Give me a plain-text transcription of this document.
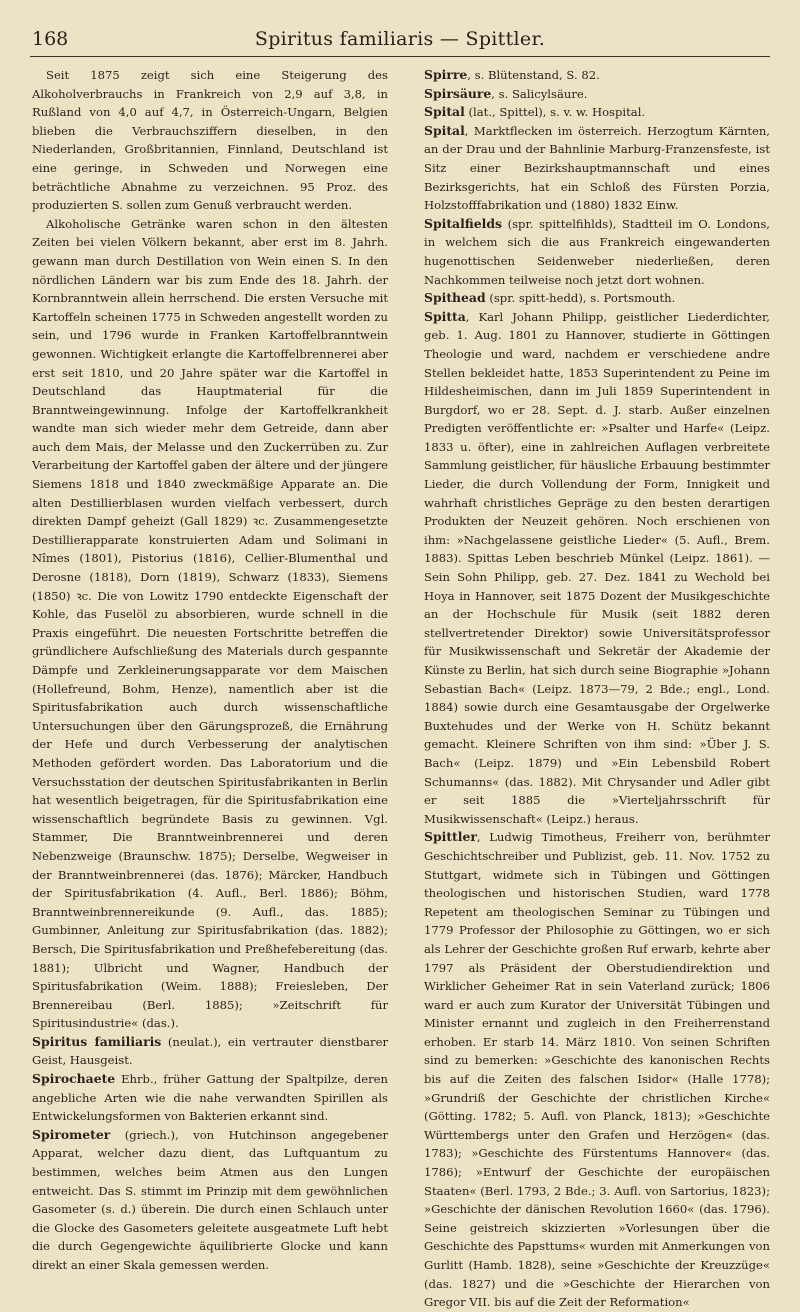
168	Spiritus familiaris — Spittler.

Seit 1875 zeigt sich eine Steigerung des Alkoholverbrauchs in Frankreich von 2,9 auf 3,8, in Rußland von 4,0 auf 4,7, in Österreich-Ungarn, Belgien blieben die Verbrauchsziffern dieselben, in den Niederlanden, Großbritannien, Finnland, Deutschland ist eine geringe, in Schweden und Norwegen eine beträchtliche Abnahme zu verzeichnen. 95 Proz. des produzierten S. sollen zum Genuß verbraucht werden.

Alkoholische Getränke waren schon in den ältesten Zeiten bei vielen Völkern bekannt, aber erst im 8. Jahrh. gewann man durch Destillation von Wein einen S. In den nördlichen Ländern war bis zum Ende des 18. Jahrh. der Kornbranntwein allein herrschend. Die ersten Versuche mit Kartoffeln scheinen 1775 in Schweden angestellt worden zu sein, und 1796 wurde in Franken Kartoffelbranntwein gewonnen. Wichtigkeit erlangte die Kartoffelbrennerei aber erst seit 1810, und 20 Jahre später war die Kartoffel in Deutschland das Hauptmaterial für die Branntweingewinnung. Infolge der Kartoffelkrankheit wandte man sich wieder mehr dem Getreide, dann aber auch dem Mais, der Melasse und den Zuckerrüben zu. Zur Verarbeitung der Kartoffel gaben der ältere und der jüngere Siemens 1818 und 1840 zweckmäßige Apparate an. Die alten Destillierblasen wurden vielfach verbessert, durch direkten Dampf geheizt (Gall 1829) ꝛc. Zusammengesetzte Destillierapparate konstruierten Adam und Solimani in Nîmes (1801), Pistorius (1816), Cellier-Blumenthal und Derosne (1818), Dorn (1819), Schwarz (1833), Siemens (1850) ꝛc. Die von Lowitz 1790 entdeckte Eigenschaft der Kohle, das Fuselöl zu absorbieren, wurde schnell in die Praxis eingeführt. Die neuesten Fortschritte betreffen die gründlichere Aufschließung des Materials durch gespannte Dämpfe und Zerkleinerungsapparate vor dem Maischen (Hollefreund, Bohm, Henze), namentlich aber ist die Spiritusfabrikation auch durch wissenschaftliche Untersuchungen über den Gärungsprozeß, die Ernährung der Hefe und durch Verbesserung der analytischen Methoden gefördert worden. Das Laboratorium und die Versuchsstation der deutschen Spiritusfabrikanten in Berlin hat wesentlich beigetragen, für die Spiritusfabrikation eine wissenschaftlich begründete Basis zu gewinnen. Vgl. Stammer, Die Branntweinbrennerei und deren Nebenzweige (Braunschw. 1875); Derselbe, Wegweiser in der Branntweinbrennerei (das. 1876); Märcker, Handbuch der Spiritusfabrikation (4. Aufl., Berl. 1886); Böhm, Branntweinbrennereikunde (9. Aufl., das. 1885); Gumbinner, Anleitung zur Spiritusfabrikation (das. 1882); Bersch, Die Spiritusfabrikation und Preßhefebereitung (das. 1881); Ulbricht und Wagner, Handbuch der Spiritusfabrikation (Weim. 1888); Freiesleben, Der Brennereibau (Berl. 1885); »Zeitschrift für Spiritusindustrie« (das.).

Spiritus familiaris (neulat.), ein vertrauter dienstbarer Geist, Hausgeist.

Spirochaete Ehrb., früher Gattung der Spaltpilze, deren angebliche Arten wie die nahe verwandten Spirillen als Entwickelungsformen von Bakterien erkannt sind.

Spirometer (griech.), von Hutchinson angegebener Apparat, welcher dazu dient, das Luftquantum zu bestimmen, welches beim Atmen aus den Lungen entweicht. Das S. stimmt im Prinzip mit dem gewöhnlichen Gasometer (s. d.) überein. Die durch einen Schlauch unter die Glocke des Gasometers geleitete ausgeatmete Luft hebt die durch Gegengewichte äquilibrierte Glocke und kann direkt an einer Skala gemessen werden.

Spirre, s. Blütenstand, S. 82.

Spirsäure, s. Salicylsäure.

Spital (lat., Spittel), s. v. w. Hospital.

Spital, Marktflecken im österreich. Herzogtum Kärnten, an der Drau und der Bahnlinie Marburg-Franzensfeste, ist Sitz einer Bezirkshauptmannschaft und eines Bezirksgerichts, hat ein Schloß des Fürsten Porzia, Holzstofffabrikation und (1880) 1832 Einw.

Spitalfields (spr. spittelfihlds), Stadtteil im O. Londons, in welchem sich die aus Frankreich eingewanderten hugenottischen Seidenweber niederließen, deren Nachkommen teilweise noch jetzt dort wohnen.

Spithead (spr. spitt-hedd), s. Portsmouth.

Spitta, Karl Johann Philipp, geistlicher Liederdichter, geb. 1. Aug. 1801 zu Hannover, studierte in Göttingen Theologie und ward, nachdem er verschiedene andre Stellen bekleidet hatte, 1853 Superintendent zu Peine im Hildesheimischen, dann im Juli 1859 Superintendent in Burgdorf, wo er 28. Sept. d. J. starb. Außer einzelnen Predigten veröffentlichte er: »Psalter und Harfe« (Leipz. 1833 u. öfter), eine in zahlreichen Auflagen verbreitete Sammlung geistlicher, für häusliche Erbauung bestimmter Lieder, die durch Vollendung der Form, Innigkeit und wahrhaft christliches Gepräge zu den besten derartigen Produkten der Neuzeit gehören. Noch erschienen von ihm: »Nachgelassene geistliche Lieder« (5. Aufl., Brem. 1883). Spittas Leben beschrieb Münkel (Leipz. 1861). — Sein Sohn Philipp, geb. 27. Dez. 1841 zu Wechold bei Hoya in Hannover, seit 1875 Dozent der Musikgeschichte an der Hochschule für Musik (seit 1882 deren stellvertretender Direktor) sowie Universitätsprofessor für Musikwissenschaft und Sekretär der Akademie der Künste zu Berlin, hat sich durch seine Biographie »Johann Sebastian Bach« (Leipz. 1873—79, 2 Bde.; engl., Lond. 1884) sowie durch eine Gesamtausgabe der Orgelwerke Buxtehudes und der Werke von H. Schütz bekannt gemacht. Kleinere Schriften von ihm sind: »Über J. S. Bach« (Leipz. 1879) und »Ein Lebensbild Robert Schumanns« (das. 1882). Mit Chrysander und Adler gibt er seit 1885 die »Vierteljahrsschrift für Musikwissenschaft« (Leipz.) heraus.

Spittler, Ludwig Timotheus, Freiherr von, berühmter Geschichtschreiber und Publizist, geb. 11. Nov. 1752 zu Stuttgart, widmete sich in Tübingen und Göttingen theologischen und historischen Studien, ward 1778 Repetent am theologischen Seminar zu Tübingen und 1779 Professor der Philosophie zu Göttingen, wo er sich als Lehrer der Geschichte großen Ruf erwarb, kehrte aber 1797 als Präsident der Oberstudiendirektion und Wirklicher Geheimer Rat in sein Vaterland zurück; 1806 ward er auch zum Kurator der Universität Tübingen und Minister ernannt und zugleich in den Freiherrenstand erhoben. Er starb 14. März 1810. Von seinen Schriften sind zu bemerken: »Geschichte des kanonischen Rechts bis auf die Zeiten des falschen Isidor« (Halle 1778); »Grundriß der Geschichte der christlichen Kirche« (Götting. 1782; 5. Aufl. von Planck, 1813); »Geschichte Württembergs unter den Grafen und Herzögen« (das. 1783); »Geschichte des Fürstentums Hannover« (das. 1786); »Entwurf der Geschichte der europäischen Staaten« (Berl. 1793, 2 Bde.; 3. Aufl. von Sartorius, 1823); »Geschichte der dänischen Revolution 1660« (das. 1796). Seine geistreich skizzierten »Vorlesungen über die Geschichte des Papsttums« wurden mit Anmerkungen von Gurlitt (Hamb. 1828), seine »Geschichte der Kreuzzüge« (das. 1827) und die »Geschichte der Hierarchen von Gregor VII. bis auf die Zeit der Reformation«
